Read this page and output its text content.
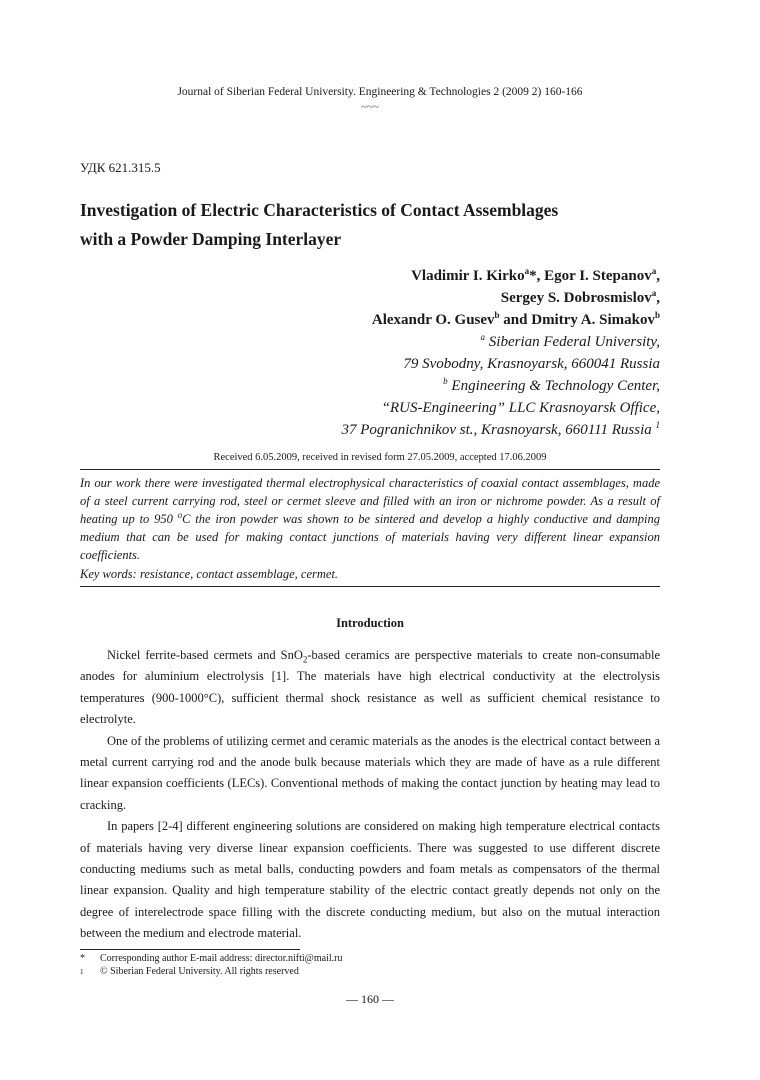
Journal of Siberian Federal University. Engineering & Technologies 2 (2009 2) 160-166
~~~
УДК 621.315.5
Investigation of Electric Characteristics of Contact Assemblages
with a Powder Damping Interlayer
Vladimir I. Kirko$^a$*, Egor I. Stepanov$^a$,
Sergey S. Dobrosmislov$^a$,
Alexandr O. Gusev$^b$ and Dmitry A. Simakov$^b$
$^a$ Siberian Federal University,
79 Svobodny, Krasnoyarsk, 660041 Russia
$^b$ Engineering & Technology Center,
“RUS-Engineering” LLC Krasnoyarsk Office,
37 Pogranichnikov st., Krasnoyarsk, 660111 Russia $^1$
Received 6.05.2009, received in revised form 27.05.2009, accepted 17.06.2009
In our work there were investigated thermal electrophysical characteristics of coaxial contact assemblages, made of a steel current carrying rod, steel or cermet sleeve and filled with an iron or nichrome powder. As a result of heating up to 950 $^o$C the iron powder was shown to be sintered and develop a highly conductive and damping medium that can be used for making contact junctions of materials having very different linear expansion coefficients.
Key words: resistance, contact assemblage, cermet.
Introduction

Nickel ferrite-based cermets and SnO$_2$-based ceramics are perspective materials to create non-consumable anodes for aluminium electrolysis [1]. The materials have high electrical conductivity at the electrolysis temperatures (900-1000°C), sufficient thermal shock resistance as well as sufficient chemical resistance to electrolyte.

One of the problems of utilizing cermet and ceramic materials as the anodes is the electrical contact between a metal current carrying rod and the anode bulk because materials which they are made of have as a rule different linear expansion coefficients (LECs). Conventional methods of making the contact junction by heating may lead to cracking.

In papers [2-4] different engineering solutions are considered on making high temperature electrical contacts of materials having very diverse linear expansion coefficients. There was suggested to use different discrete conducting mediums such as metal balls, conducting powders and foam metals as compensators of the thermal linear expansion. Quality and high temperature stability of the electric contact greatly depends not only on the degree of interelectrode space filling with the discrete conducting medium, but also on the mutual interaction between the medium and electrode material.

* Corresponding author E-mail address: director.nifti@mail.ru
1 © Siberian Federal University. All rights reserved
— 160 —
